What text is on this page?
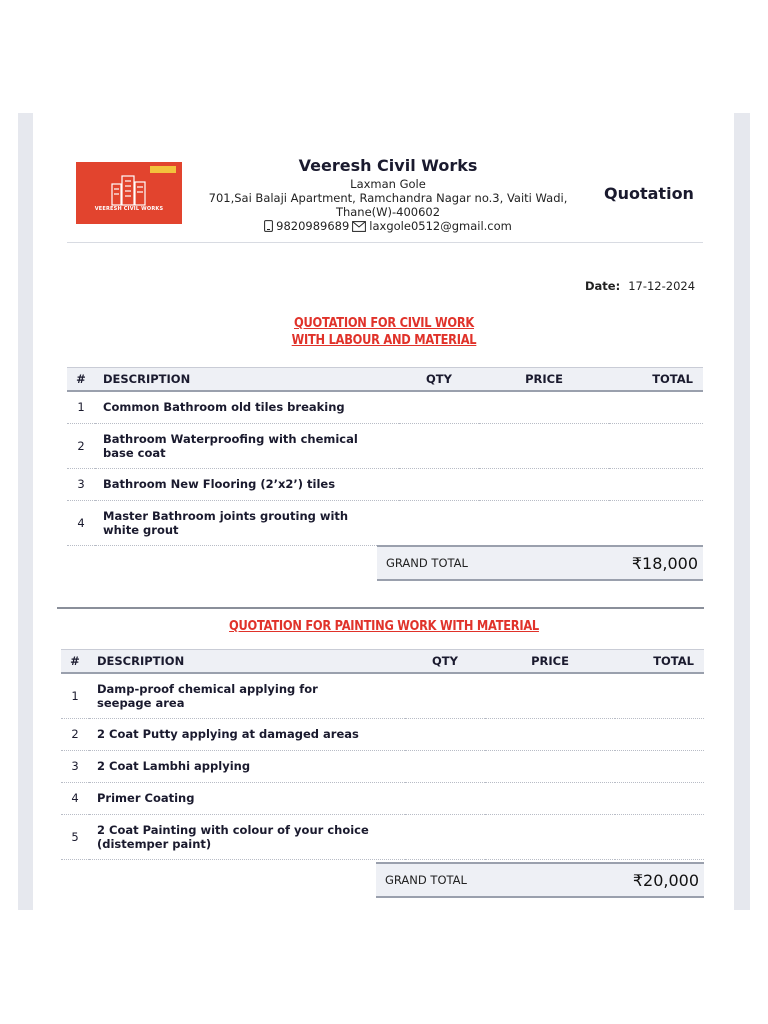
VEERESH CIVIL WORKS
Veeresh Civil Works
Laxman Gole
701,Sai Balaji Apartment, Ramchandra Nagar no.3, Vaiti Wadi,
Thane(W)-400602
9820989689 laxgole0512@gmail.com
Quotation
Date: 17-12-2024
QUOTATION FOR CIVIL WORK
WITH LABOUR AND MATERIAL
#	DESCRIPTION	QTY	PRICE	TOTAL
1	Common Bathroom old tiles breaking			
2	Bathroom Waterproofing with chemical base coat			
3	Bathroom New Flooring (2’x2’) tiles			
4	Master Bathroom joints grouting with white grout			
GRAND TOTAL	₹18,000
QUOTATION FOR PAINTING WORK WITH MATERIAL
#	DESCRIPTION	QTY	PRICE	TOTAL
1	Damp-proof chemical applying for seepage area			
2	2 Coat Putty applying at damaged areas			
3	2 Coat Lambhi applying			
4	Primer Coating			
5	2 Coat Painting with colour of your choice (distemper paint)			
GRAND TOTAL	₹20,000
